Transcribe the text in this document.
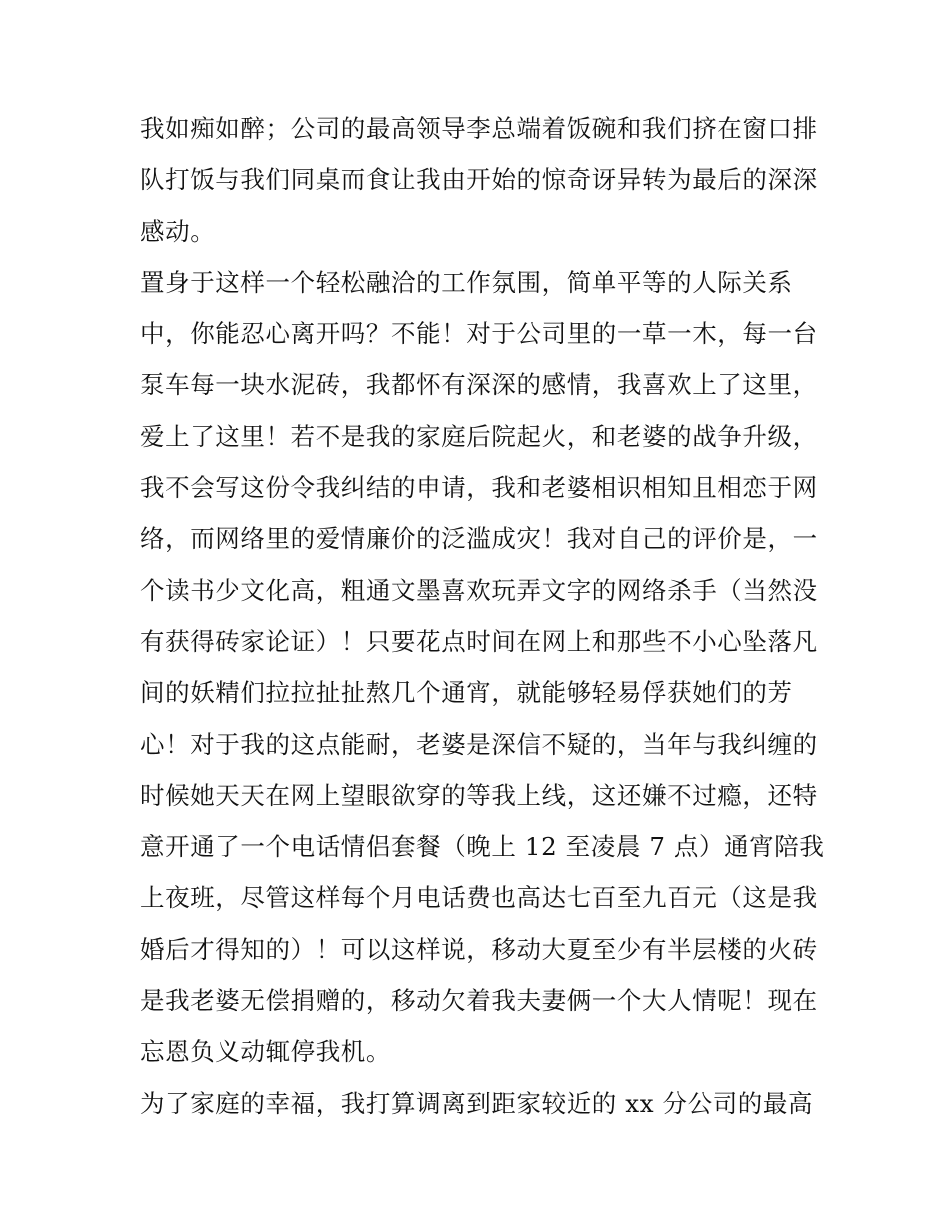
我如痴如醉；公司的最高领导李总端着饭碗和我们挤在窗口排
队打饭与我们同桌而食让我由开始的惊奇讶异转为最后的深深
感动。
置身于这样一个轻松融洽的工作氛围，简单平等的人际关系
中，你能忍心离开吗？不能！对于公司里的一草一木，每一台
泵车每一块水泥砖，我都怀有深深的感情，我喜欢上了这里，
爱上了这里！若不是我的家庭后院起火，和老婆的战争升级，
我不会写这份令我纠结的申请，我和老婆相识相知且相恋于网
络，而网络里的爱情廉价的泛滥成灾！我对自己的评价是，一
个读书少文化高，粗通文墨喜欢玩弄文字的网络杀手（当然没
有获得砖家论证）！只要花点时间在网上和那些不小心坠落凡
间的妖精们拉拉扯扯熬几个通宵，就能够轻易俘获她们的芳
心！对于我的这点能耐，老婆是深信不疑的，当年与我纠缠的
时候她天天在网上望眼欲穿的等我上线，这还嫌不过瘾，还特
意开通了一个电话情侣套餐（晚上 12 至凌晨 7 点）通宵陪我
上夜班，尽管这样每个月电话费也高达七百至九百元（这是我
婚后才得知的）！可以这样说，移动大夏至少有半层楼的火砖
是我老婆无偿捐赠的，移动欠着我夫妻俩一个大人情呢！现在
忘恩负义动辄停我机。
为了家庭的幸福，我打算调离到距家较近的 xx 分公司的最高
